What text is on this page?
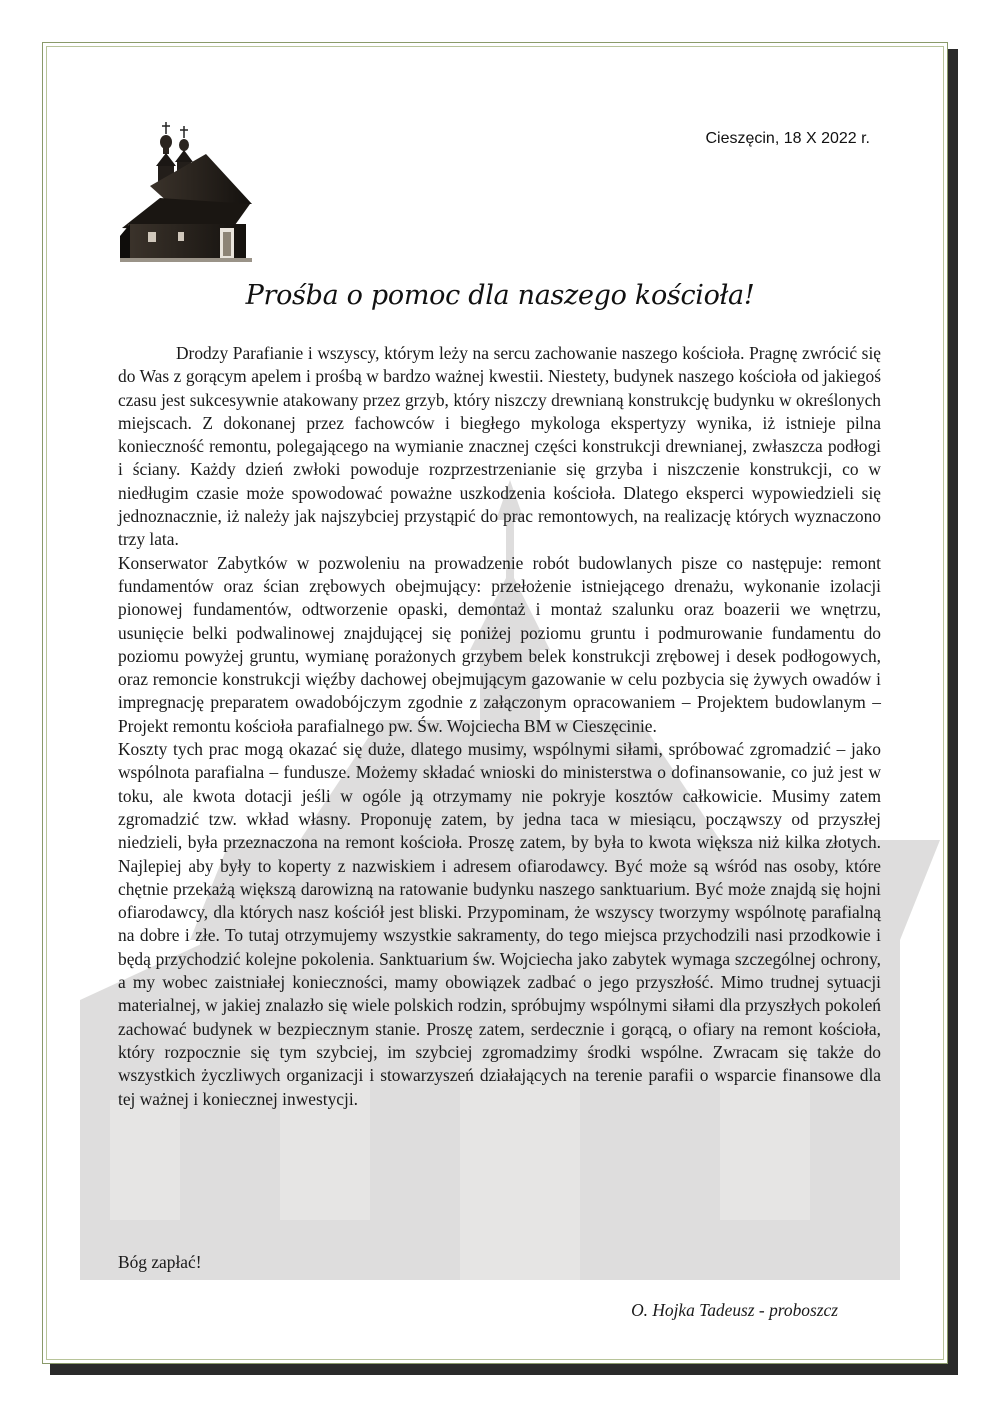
Cieszęcin, 18 X 2022 r.
Prośba o pomoc dla naszego kościoła!

Drodzy Parafianie i wszyscy, którym leży na sercu zachowanie naszego kościoła. Pragnę zwrócić się do Was z gorącym apelem i prośbą w bardzo ważnej kwestii. Niestety, budynek naszego kościoła od jakiegoś czasu jest sukcesywnie atakowany przez grzyb, który niszczy drewnianą konstrukcję budynku w określonych miejscach. Z dokonanej przez fachowców i biegłego mykologa ekspertyzy wynika, iż istnieje pilna konieczność remontu, polegającego na wymianie znacznej części konstrukcji drewnianej, zwłaszcza podłogi i ściany. Każdy dzień zwłoki powoduje rozprzestrzenianie się grzyba i niszczenie konstrukcji, co w niedługim czasie może spowodować poważne uszkodzenia kościoła. Dlatego eksperci wypowiedzieli się jednoznacznie, iż należy jak najszybciej przystąpić do prac remontowych, na realizację których wyznaczono trzy lata.

Konserwator Zabytków w pozwoleniu na prowadzenie robót budowlanych pisze co następuje: remont fundamentów oraz ścian zrębowych obejmujący: przełożenie istniejącego drenażu, wykonanie izolacji pionowej fundamentów, odtworzenie opaski, demontaż i montaż szalunku oraz boazerii we wnętrzu, usunięcie belki podwalinowej znajdującej się poniżej poziomu gruntu i podmurowanie fundamentu do poziomu powyżej gruntu, wymianę porażonych grzybem belek konstrukcji zrębowej i desek podłogowych, oraz remoncie konstrukcji więźby dachowej obejmującym gazowanie w celu pozbycia się żywych owadów i impregnację preparatem owadobójczym zgodnie z załączonym opracowaniem – Projektem budowlanym – Projekt remontu kościoła parafialnego pw. Św. Wojciecha BM w Cieszęcinie.

Koszty tych prac mogą okazać się duże, dlatego musimy, wspólnymi siłami, spróbować zgromadzić – jako wspólnota parafialna – fundusze. Możemy składać wnioski do ministerstwa o dofinansowanie, co już jest w toku, ale kwota dotacji jeśli w ogóle ją otrzymamy nie pokryje kosztów całkowicie. Musimy zatem zgromadzić tzw. wkład własny. Proponuję zatem, by jedna taca w miesiącu, począwszy od przyszłej niedzieli, była przeznaczona na remont kościoła. Proszę zatem, by była to kwota większa niż kilka złotych. Najlepiej aby były to koperty z nazwiskiem i adresem ofiarodawcy. Być może są wśród nas osoby, które chętnie przekażą większą darowizną na ratowanie budynku naszego sanktuarium. Być może znajdą się hojni ofiarodawcy, dla których nasz kościół jest bliski. Przypominam, że wszyscy tworzymy wspólnotę parafialną na dobre i złe. To tutaj otrzymujemy wszystkie sakramenty, do tego miejsca przychodzili nasi przodkowie i będą przychodzić kolejne pokolenia. Sanktuarium św. Wojciecha jako zabytek wymaga szczególnej ochrony, a my wobec zaistniałej konieczności, mamy obowiązek zadbać o jego przyszłość. Mimo trudnej sytuacji materialnej, w jakiej znalazło się wiele polskich rodzin, spróbujmy wspólnymi siłami dla przyszłych pokoleń zachować budynek w bezpiecznym stanie. Proszę zatem, serdecznie i gorącą, o ofiary na remont kościoła, który rozpocznie się tym szybciej, im szybciej zgromadzimy środki wspólne. Zwracam się także do wszystkich życzliwych organizacji i stowarzyszeń działających na terenie parafii o wsparcie finansowe dla tej ważnej i koniecznej inwestycji.

Bóg zapłać!
O. Hojka Tadeusz - proboszcz
